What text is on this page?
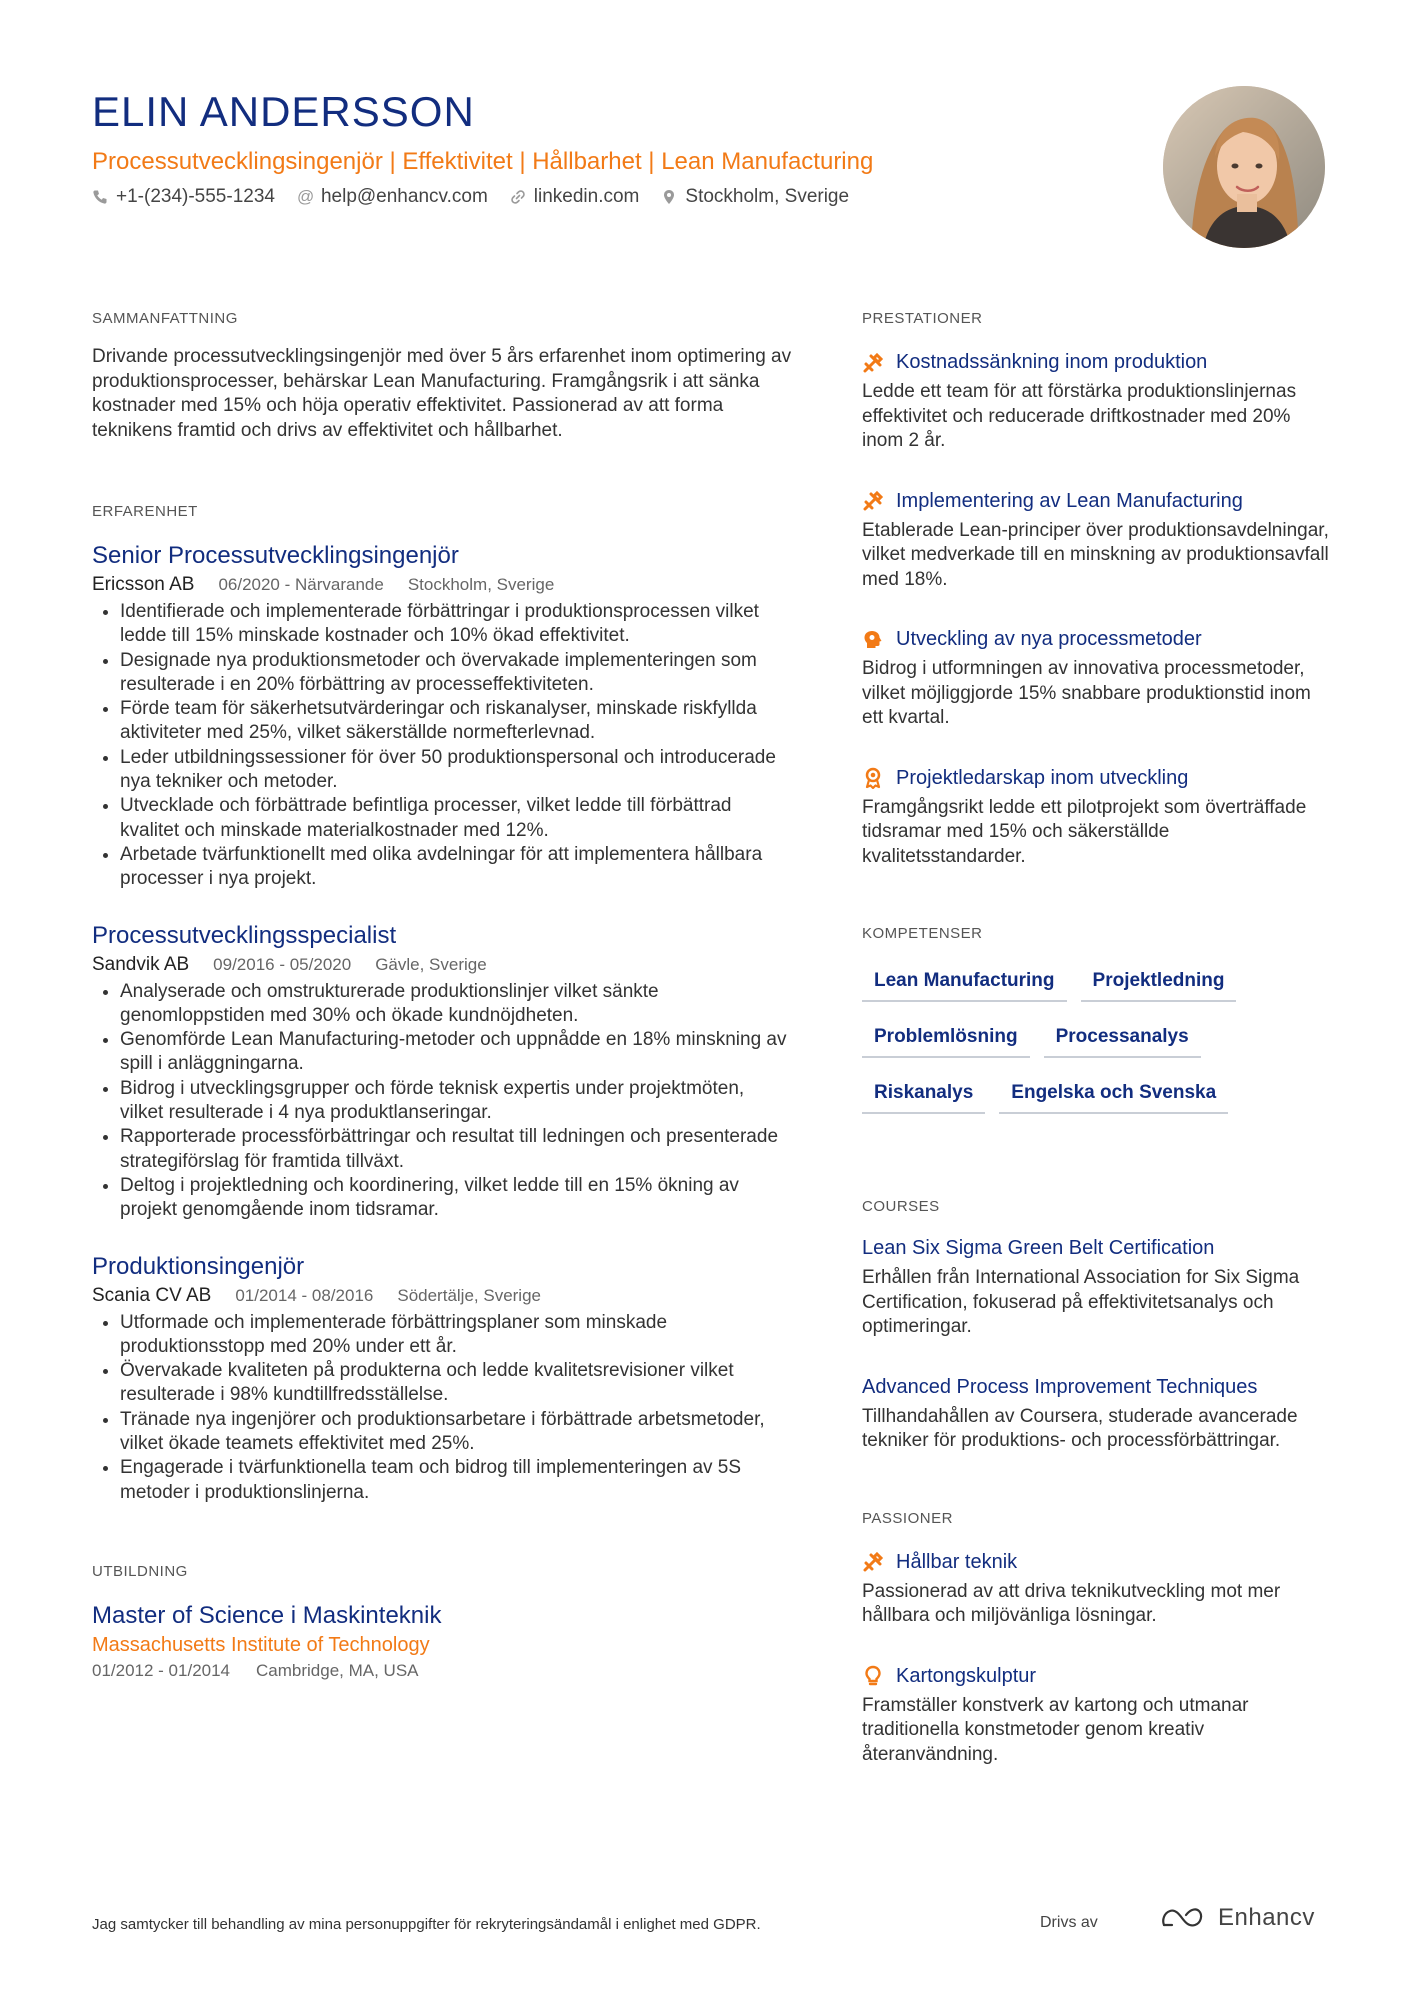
ELIN ANDERSSON
Processutvecklingsingenjör | Effektivitet | Hållbarhet | Lean Manufacturing
+1-(234)-555-1234 @ help@enhancv.com linkedin.com Stockholm, Sverige
SAMMANFATTNING

Drivande processutvecklingsingenjör med över 5 års erfarenhet inom optimering av produktionsprocesser, behärskar Lean Manufacturing. Framgångsrik i att sänka kostnader med 15% och höja operativ effektivitet. Passionerad av att forma teknikens framtid och drivs av effektivitet och hållbarhet.

ERFARENHET
Senior Processutvecklingsingenjör
Ericsson AB 06/2020 - Närvarande Stockholm, Sverige
• Identifierade och implementerade förbättringar i produktionsprocessen vilket ledde till 15% minskade kostnader och 10% ökad effektivitet.
• Designade nya produktionsmetoder och övervakade implementeringen som resulterade i en 20% förbättring av processeffektiviteten.
• Förde team för säkerhetsutvärderingar och riskanalyser, minskade riskfyllda aktiviteter med 25%, vilket säkerställde normefterlevnad.
• Leder utbildningssessioner för över 50 produktionspersonal och introducerade nya tekniker och metoder.
• Utvecklade och förbättrade befintliga processer, vilket ledde till förbättrad kvalitet och minskade materialkostnader med 12%.
• Arbetade tvärfunktionellt med olika avdelningar för att implementera hållbara processer i nya projekt.
Processutvecklingsspecialist
Sandvik AB 09/2016 - 05/2020 Gävle, Sverige
• Analyserade och omstrukturerade produktionslinjer vilket sänkte genomloppstiden med 30% och ökade kundnöjdheten.
• Genomförde Lean Manufacturing-metoder och uppnådde en 18% minskning av spill i anläggningarna.
• Bidrog i utvecklingsgrupper och förde teknisk expertis under projektmöten, vilket resulterade i 4 nya produktlanseringar.
• Rapporterade processförbättringar och resultat till ledningen och presenterade strategiförslag för framtida tillväxt.
• Deltog i projektledning och koordinering, vilket ledde till en 15% ökning av projekt genomgående inom tidsramar.
Produktionsingenjör
Scania CV AB 01/2014 - 08/2016 Södertälje, Sverige
• Utformade och implementerade förbättringsplaner som minskade produktionsstopp med 20% under ett år.
• Övervakade kvaliteten på produkterna och ledde kvalitetsrevisioner vilket resulterade i 98% kundtillfredsställelse.
• Tränade nya ingenjörer och produktionsarbetare i förbättrade arbetsmetoder, vilket ökade teamets effektivitet med 25%.
• Engagerade i tvärfunktionella team och bidrog till implementeringen av 5S metoder i produktionslinjerna.
UTBILDNING
Master of Science i Maskinteknik
Massachusetts Institute of Technology
01/2012 - 01/2014 Cambridge, MA, USA
PRESTATIONER
Kostnadssänkning inom produktion
Ledde ett team för att förstärka produktionslinjernas effektivitet och reducerade driftkostnader med 20% inom 2 år.
Implementering av Lean Manufacturing
Etablerade Lean-principer över produktionsavdelningar, vilket medverkade till en minskning av produktionsavfall med 18%.
Utveckling av nya processmetoder
Bidrog i utformningen av innovativa processmetoder, vilket möjliggjorde 15% snabbare produktionstid inom ett kvartal.
Projektledarskap inom utveckling
Framgångsrikt ledde ett pilotprojekt som överträffade tidsramar med 15% och säkerställde kvalitetsstandarder.
KOMPETENSER
Lean Manufacturing	Projektledning
Problemlösning	Processanalys
Riskanalys	Engelska och Svenska
COURSES
Lean Six Sigma Green Belt Certification
Erhållen från International Association for Six Sigma Certification, fokuserad på effektivitetsanalys och optimeringar.
Advanced Process Improvement Techniques
Tillhandahållen av Coursera, studerade avancerade tekniker för produktions- och processförbättringar.
PASSIONER
Hållbar teknik
Passionerad av att driva teknikutveckling mot mer hållbara och miljövänliga lösningar.
Kartongskulptur
Framställer konstverk av kartong och utmanar traditionella konstmetoder genom kreativ återanvändning.
Jag samtycker till behandling av mina personuppgifter för rekryteringsändamål i enlighet med GDPR.	Drivs av	Enhancv
